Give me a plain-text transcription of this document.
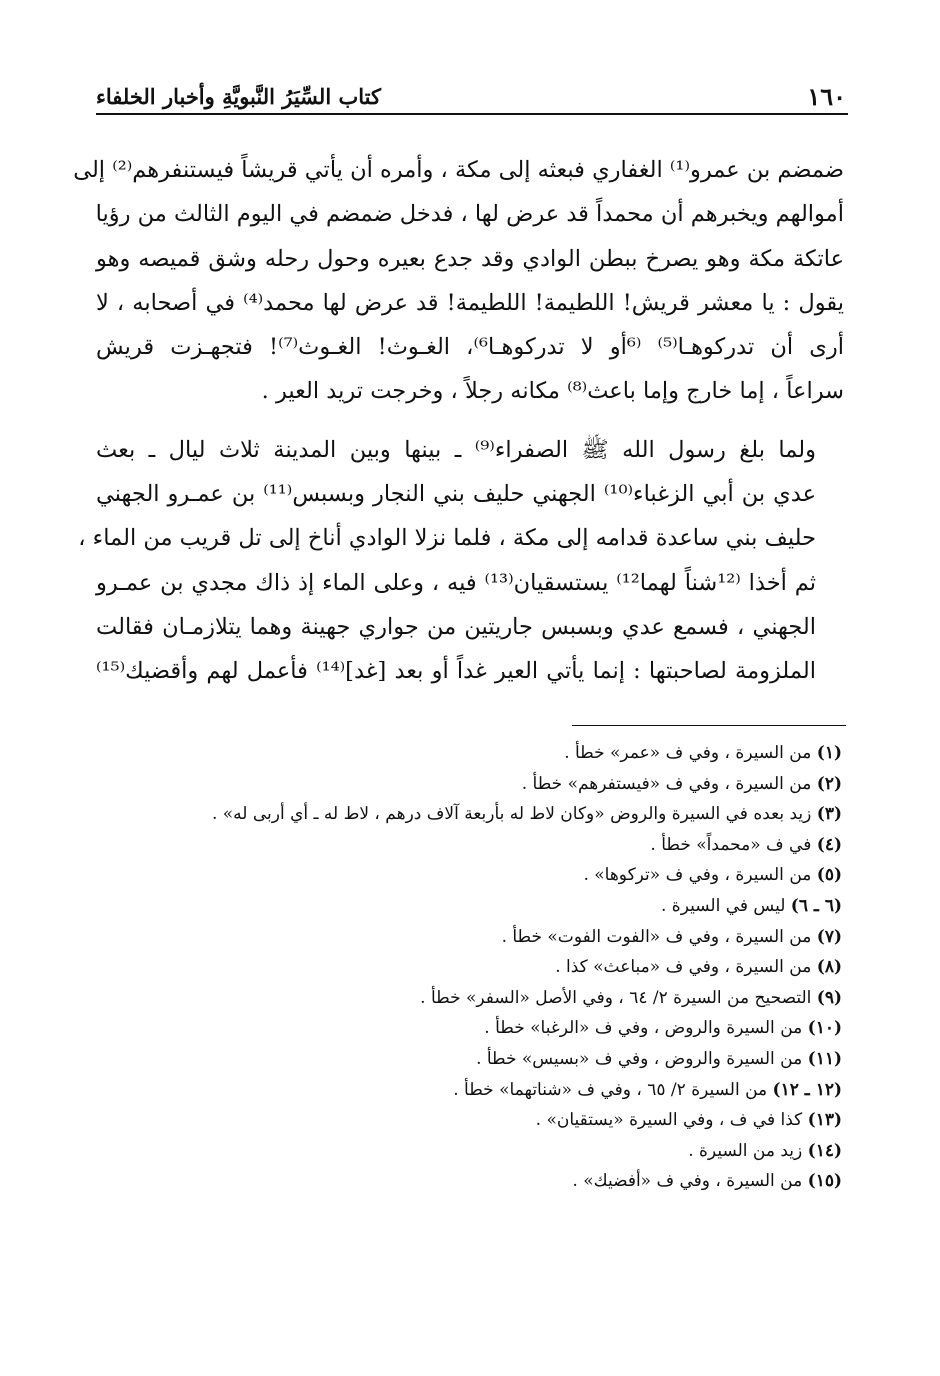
١٦٠
كتاب السِّيَرُ النَّبويَّةِ وأخبار الخلفاء

ضمضم بن عمرو⁽¹⁾ الغفاري فبعثه إلى مكة ، وأمره أن يأتي قريشاً فيستنفرهم⁽²⁾ إلى
أموالهم ويخبرهم أن محمداً قد عرض لها ، فدخل ضمضم في اليوم الثالث من رؤيا
عاتكة مكة وهو يصرخ ببطن الوادي وقد جدع بعيره وحول رحله وشق قميصه وهو
يقول : يا معشر قريش! اللطيمة! اللطيمة! قد عرض لها محمد⁽⁴⁾ في أصحابه ، لا
أرى أن تدركوهـا⁽⁵⁾ ⁽⁶أو لا تدركوهـا⁶⁾، الغـوث! الغـوث⁽⁷⁾! فتجهـزت قريش
سراعاً ، إما خارج وإما باعث⁽⁸⁾ مكانه رجلاً ، وخرجت تريد العير .

ولما بلغ رسول الله ﷺ الصفراء⁽⁹⁾ ـ بينها وبين المدينة ثلاث ليال ـ بعث
عدي بن أبي الزغباء⁽¹⁰⁾ الجهني حليف بني النجار وبسبس⁽¹¹⁾ بن عمـرو الجهني
حليف بني ساعدة قدامه إلى مكة ، فلما نزلا الوادي أناخ إلى تل قريب من الماء ،
ثم أخذا ⁽¹²شناً لهما¹²⁾ يستسقيان⁽¹³⁾ فيه ، وعلى الماء إذ ذاك مجدي بن عمـرو
الجهني ، فسمع عدي وبسبس جاريتين من جواري جهينة وهما يتلازمـان فقالت
الملزومة لصاحبتها : إنما يأتي العير غداً أو بعد [غد]⁽¹⁴⁾ فأعمل لهم وأقضيك⁽¹⁵⁾

(١) من السيرة ، وفي ف «عمر» خطأ .
(٢) من السيرة ، وفي ف «فيستفرهم» خطأ .
(٣) زيد بعده في السيرة والروض «وكان لاط له بأربعة آلاف درهم ، لاط له ـ أي أربى له» .
(٤) في ف «محمداً» خطأ .
(٥) من السيرة ، وفي ف «تركوها» .
(٦ ـ ٦) ليس في السيرة .
(٧) من السيرة ، وفي ف «الفوت الفوت» خطأ .
(٨) من السيرة ، وفي ف «مباعث» كذا .
(٩) التصحيح من السيرة ٢/ ٦٤ ، وفي الأصل «السفر» خطأ .
(١٠) من السيرة والروض ، وفي ف «الرغبا» خطأ .
(١١) من السيرة والروض ، وفي ف «بسيس» خطأ .
(١٢ ـ ١٢) من السيرة ٢/ ٦٥ ، وفي ف «شناتهما» خطأ .
(١٣) كذا في ف ، وفي السيرة «يستقيان» .
(١٤) زيد من السيرة .
(١٥) من السيرة ، وفي ف «أفضيك» .
